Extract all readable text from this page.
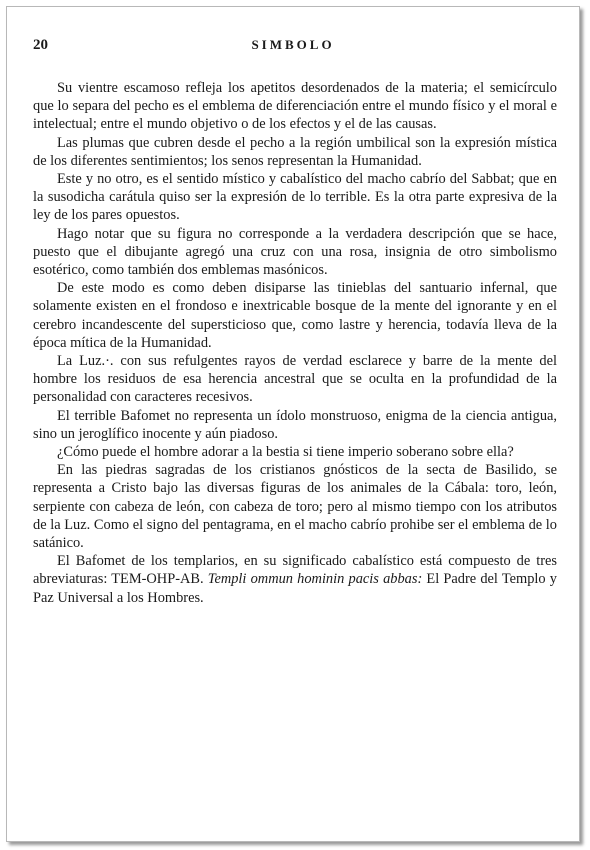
20	SIMBOLO

Su vientre escamoso refleja los apetitos desordenados de la materia; el semicírculo que lo separa del pecho es el emblema de diferenciación entre el mundo físico y el moral e intelectual; entre el mundo objetivo o de los efectos y el de las causas.

Las plumas que cubren desde el pecho a la región umbilical son la expresión mística de los diferentes sentimientos; los senos representan la Humanidad.

Este y no otro, es el sentido místico y cabalístico del macho cabrío del Sabbat; que en la susodicha carátula quiso ser la expresión de lo terrible. Es la otra parte expresiva de la ley de los pares opuestos.

Hago notar que su figura no corresponde a la verdadera descripción que se hace, puesto que el dibujante agregó una cruz con una rosa, insignia de otro simbolismo esotérico, como también dos emblemas masónicos.

De este modo es como deben disiparse las tinieblas del santuario infernal, que solamente existen en el frondoso e inextricable bosque de la mente del ignorante y en el cerebro incandescente del supersticioso que, como lastre y herencia, todavía lleva de la época mítica de la Humanidad.

La Luz.·. con sus refulgentes rayos de verdad esclarece y barre de la mente del hombre los residuos de esa herencia ancestral que se oculta en la profundidad de la personalidad con caracteres recesivos.

El terrible Bafomet no representa un ídolo monstruoso, enigma de la ciencia antigua, sino un jeroglífico inocente y aún piadoso.

¿Cómo puede el hombre adorar a la bestia si tiene imperio soberano sobre ella?

En las piedras sagradas de los cristianos gnósticos de la secta de Basilido, se representa a Cristo bajo las diversas figuras de los animales de la Cábala: toro, león, serpiente con cabeza de león, con cabeza de toro; pero al mismo tiempo con los atributos de la Luz. Como el signo del pentagrama, en el macho cabrío prohibe ser el emblema de lo satánico.

El Bafomet de los templarios, en su significado cabalístico está compuesto de tres abreviaturas: TEM-OHP-AB. Templi ommun hominin pacis abbas: El Padre del Templo y Paz Universal a los Hombres.
